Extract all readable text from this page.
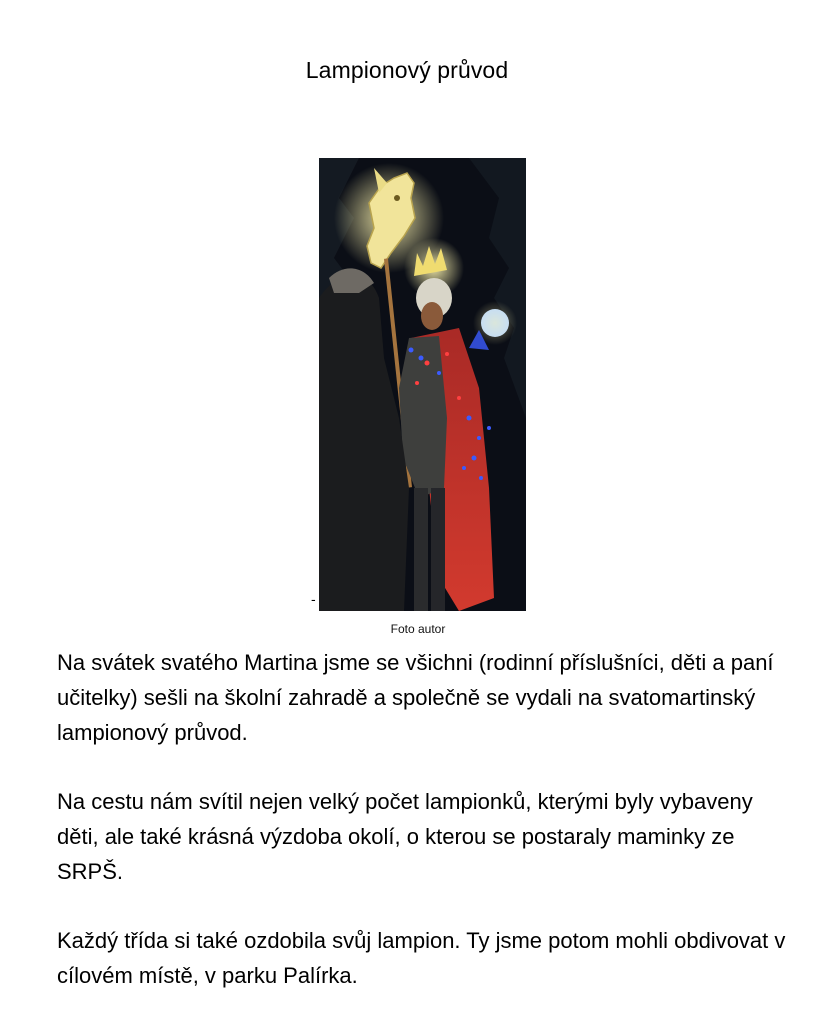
Lampionový průvod
-
Foto autor

Na svátek svatého Martina jsme se všichni (rodinní příslušníci, děti a paní učitelky) sešli na školní zahradě a společně se vydali na svatomartinský lampionový průvod.

Na cestu nám svítil nejen velký počet lampionků, kterými byly vybaveny děti, ale také krásná výzdoba okolí, o kterou se postaraly maminky ze SRPŠ.

Každý třída si také ozdobila svůj lampion. Ty jsme potom mohli obdivovat v cílovém místě, v parku Palírka.
